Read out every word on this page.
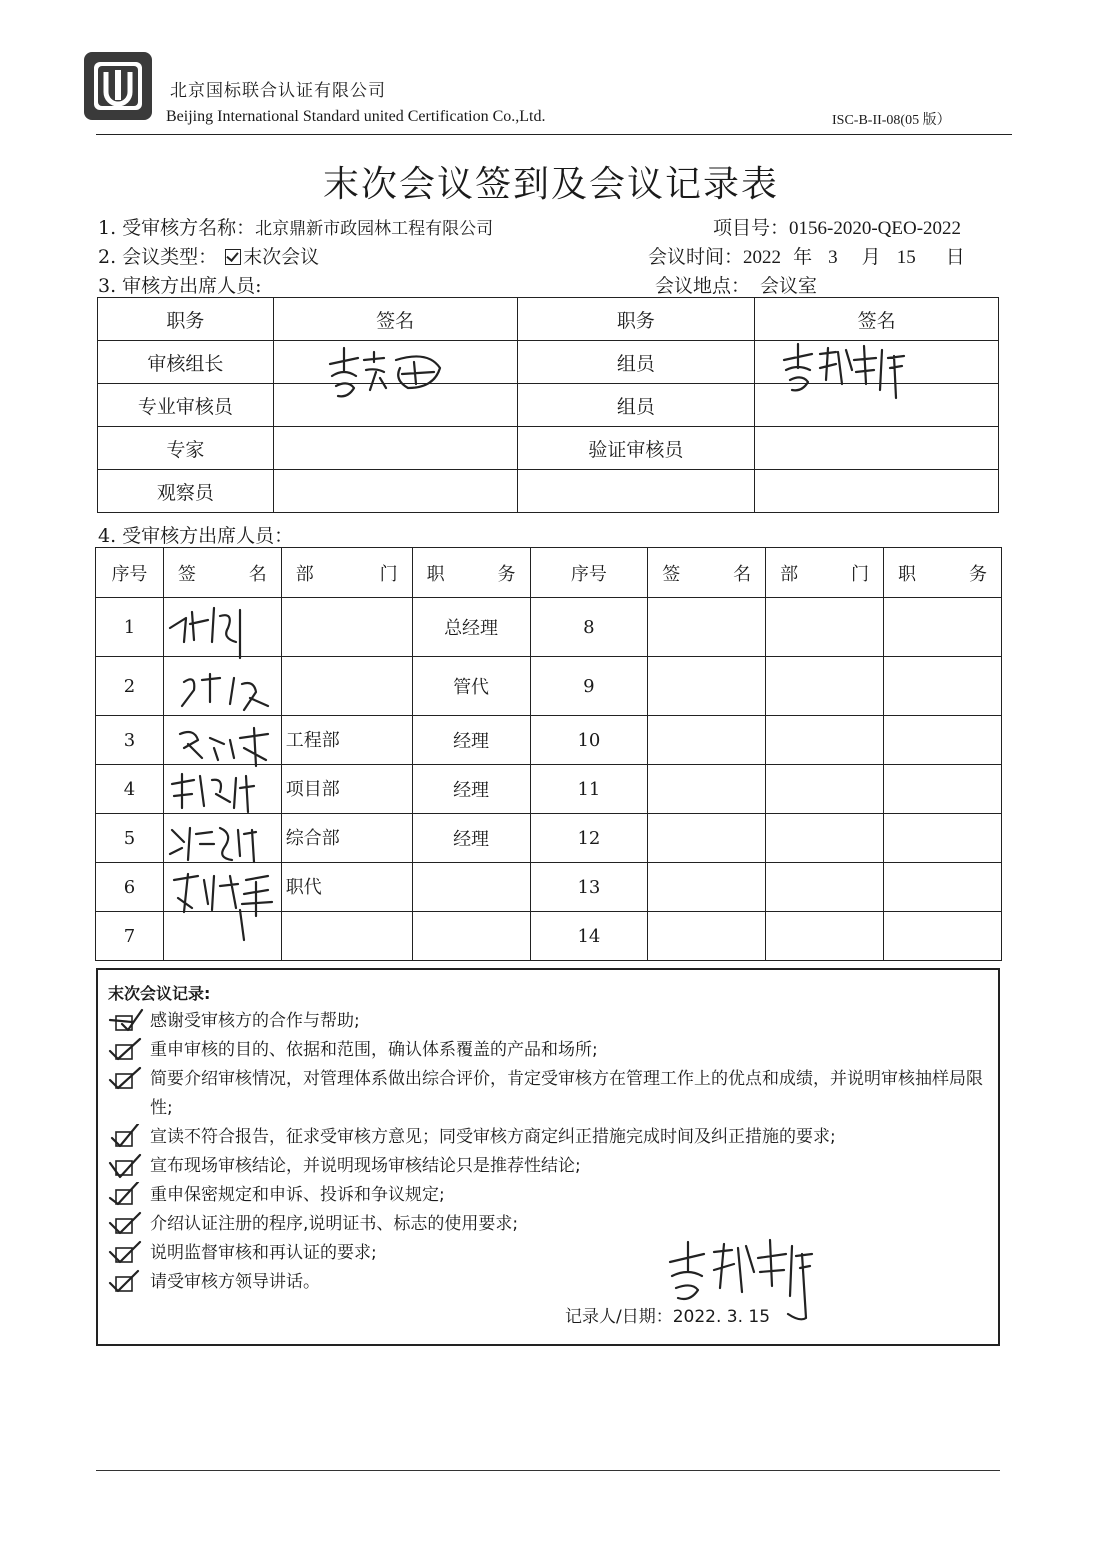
北京国标联合认证有限公司
Beijing International Standard united Certification Co.,Ltd.	ISC-B-II-08(05 版）
末次会议签到及会议记录表
1. 受审核方名称：北京鼎新市政园林工程有限公司	项目号：0156-2020-QEO-2022
2. 会议类型： 末次会议	会议时间：2022 年 3 月 15 日
3. 审核方出席人员:	会议地点： 会议室
职务	签名	职务	签名
审核组长		组员	
专业审核员		组员	
专家		验证审核员	
观察员			
4. 受审核方出席人员：
序号	签 名	部 门	职 务	序号	签 名	部 门	职 务

1			总经理	8			
2			管代	9			
3		工程部	经理	10			
4		项目部	经理	11			
5		综合部	经理	12			
6		职代		13			
7				14			
末次会议记录:
感谢受审核方的合作与帮助;
重申审核的目的、依据和范围，确认体系覆盖的产品和场所;
简要介绍审核情况，对管理体系做出综合评价，肯定受审核方在管理工作上的优点和成绩，并说明审核抽样局限性;
宣读不符合报告，征求受审核方意见；同受审核方商定纠正措施完成时间及纠正措施的要求;
宣布现场审核结论，并说明现场审核结论只是推荐性结论;
重申保密规定和申诉、投诉和争议规定;
介绍认证注册的程序,说明证书、标志的使用要求;
说明监督审核和再认证的要求;
请受审核方领导讲话。
记录人/日期：2022. 3. 15
